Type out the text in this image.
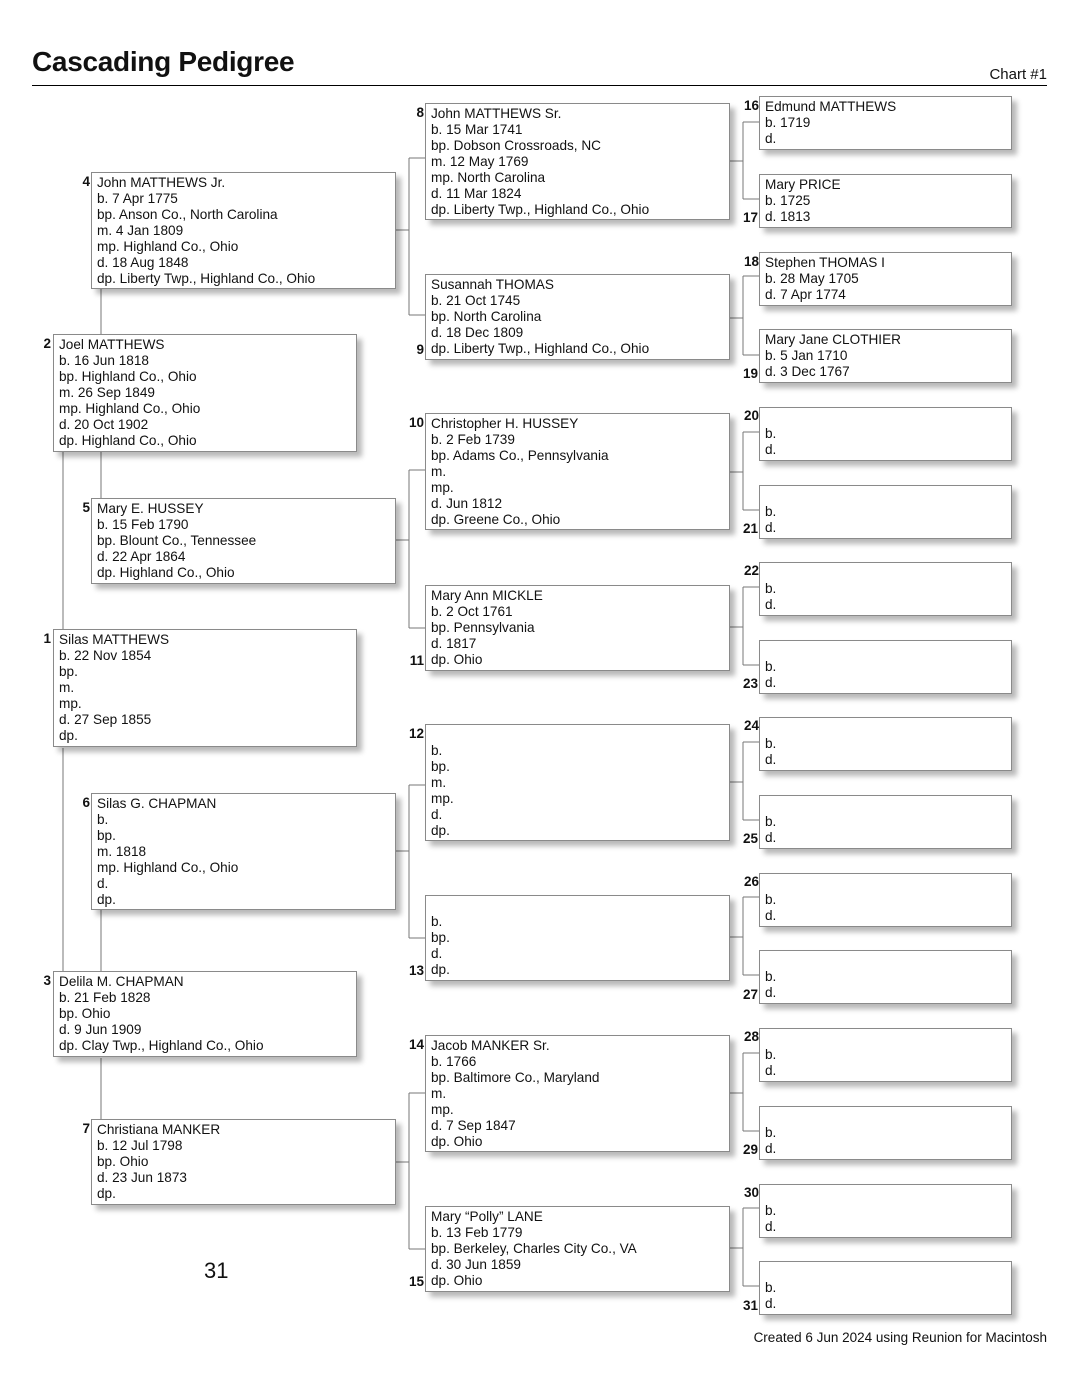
Cascading Pedigree	Chart #1
2 Joel MATTHEWS
b. 16 Jun 1818
bp. Highland Co., Ohio
m. 26 Sep 1849
mp. Highland Co., Ohio
d. 20 Oct 1902
dp. Highland Co., Ohio
1 Silas MATTHEWS
b. 22 Nov 1854
bp.
m.
mp.
d. 27 Sep 1855
dp.
3 Delila M. CHAPMAN
b. 21 Feb 1828
bp. Ohio
d. 9 Jun 1909
dp. Clay Twp., Highland Co., Ohio
4 John MATTHEWS Jr.
b. 7 Apr 1775
bp. Anson Co., North Carolina
m. 4 Jan 1809
mp. Highland Co., Ohio
d. 18 Aug 1848
dp. Liberty Twp., Highland Co., Ohio
5 Mary E. HUSSEY
b. 15 Feb 1790
bp. Blount Co., Tennessee
d. 22 Apr 1864
dp. Highland Co., Ohio
6 Silas G. CHAPMAN
b.
bp.
m. 1818
mp. Highland Co., Ohio
d.
dp.
7 Christiana MANKER
b. 12 Jul 1798
bp. Ohio
d. 23 Jun 1873
dp.
8 John MATTHEWS Sr.
b. 15 Mar 1741
bp. Dobson Crossroads, NC
m. 12 May 1769
mp. North Carolina
d. 11 Mar 1824
dp. Liberty Twp., Highland Co., Ohio
Susannah THOMAS
b. 21 Oct 1745
bp. North Carolina
d. 18 Dec 1809
dp. Liberty Twp., Highland Co., Ohio
9
10 Christopher H. HUSSEY
b. 2 Feb 1739
bp. Adams Co., Pennsylvania
m.
mp.
d. Jun 1812
dp. Greene Co., Ohio
Mary Ann MICKLE
b. 2 Oct 1761
bp. Pennsylvania
d. 1817
dp. Ohio
11
12
b.
bp.
m.
mp.
d.
dp.
b.
bp.
d.
dp.
13
14 Jacob MANKER Sr.
b. 1766
bp. Baltimore Co., Maryland
m.
mp.
d. 7 Sep 1847
dp. Ohio
Mary “Polly” LANE
b. 13 Feb 1779
bp. Berkeley, Charles City Co., VA
d. 30 Jun 1859
dp. Ohio
15
16 Edmund MATTHEWS
b. 1719
d.
Mary PRICE
b. 1725
d. 1813
17
18 Stephen THOMAS I
b. 28 May 1705
d. 7 Apr 1774
Mary Jane CLOTHIER
b. 5 Jan 1710
d. 3 Dec 1767
19
20
b.
d.
b.
d.
21
22
b.
d.
b.
d.
23
24
b.
d.
b.
d.
25
26
b.
d.
b.
d.
27
28
b.
d.
b.
d.
29
30
b.
d.
b.
d.
31
31
Created 6 Jun 2024 using Reunion for Macintosh
